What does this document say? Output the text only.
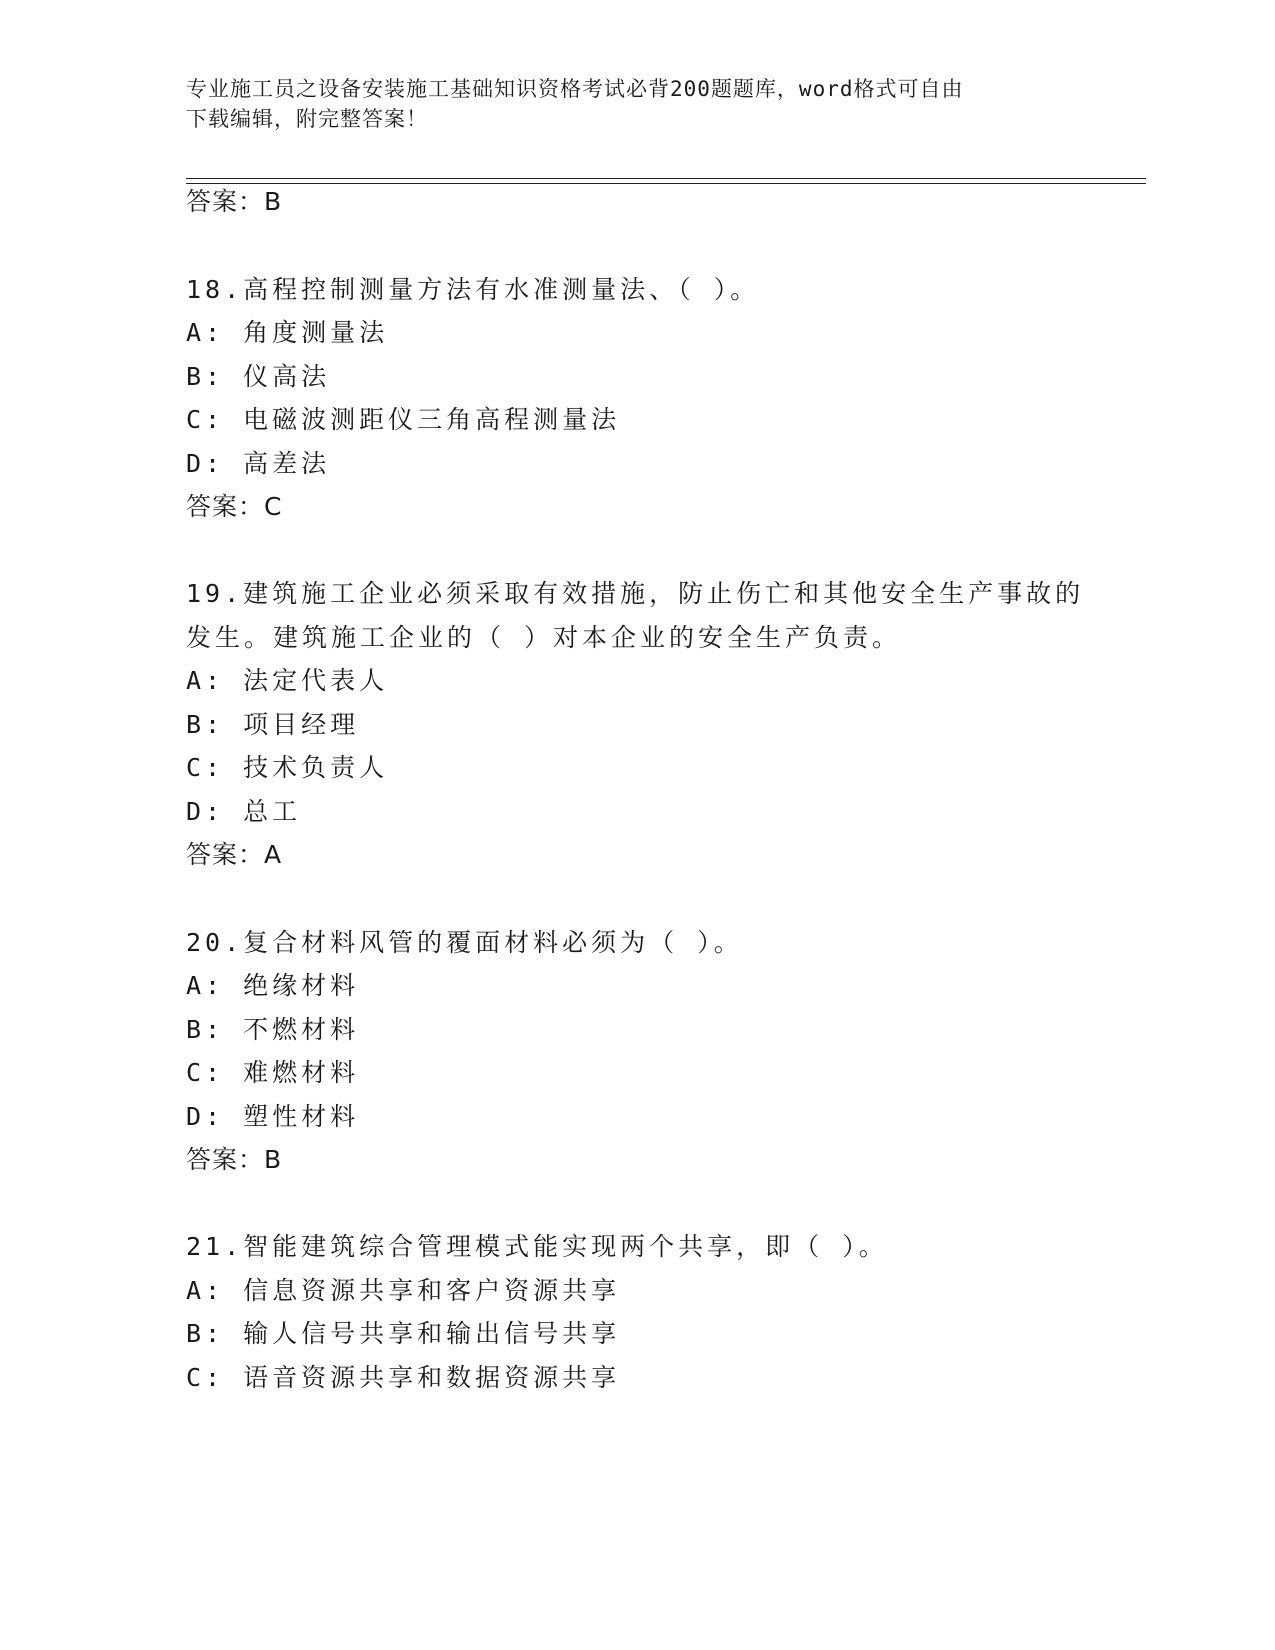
专业施工员之设备安装施工基础知识资格考试必背200题题库，word格式可自由
下载编辑，附完整答案！
答案：B
18.高程控制测量方法有水准测量法、（ ）。
A: 角度测量法
B: 仪高法
C: 电磁波测距仪三角高程测量法
D: 高差法
答案：C
19.建筑施工企业必须采取有效措施，防止伤亡和其他安全生产事故的
发生。建筑施工企业的（ ）对本企业的安全生产负责。
A: 法定代表人
B: 项目经理
C: 技术负责人
D: 总工
答案：A
20.复合材料风管的覆面材料必须为（ ）。
A: 绝缘材料
B: 不燃材料
C: 难燃材料
D: 塑性材料
答案：B
21.智能建筑综合管理模式能实现两个共享，即（ ）。
A: 信息资源共享和客户资源共享
B: 输人信号共享和输出信号共享
C: 语音资源共享和数据资源共享
